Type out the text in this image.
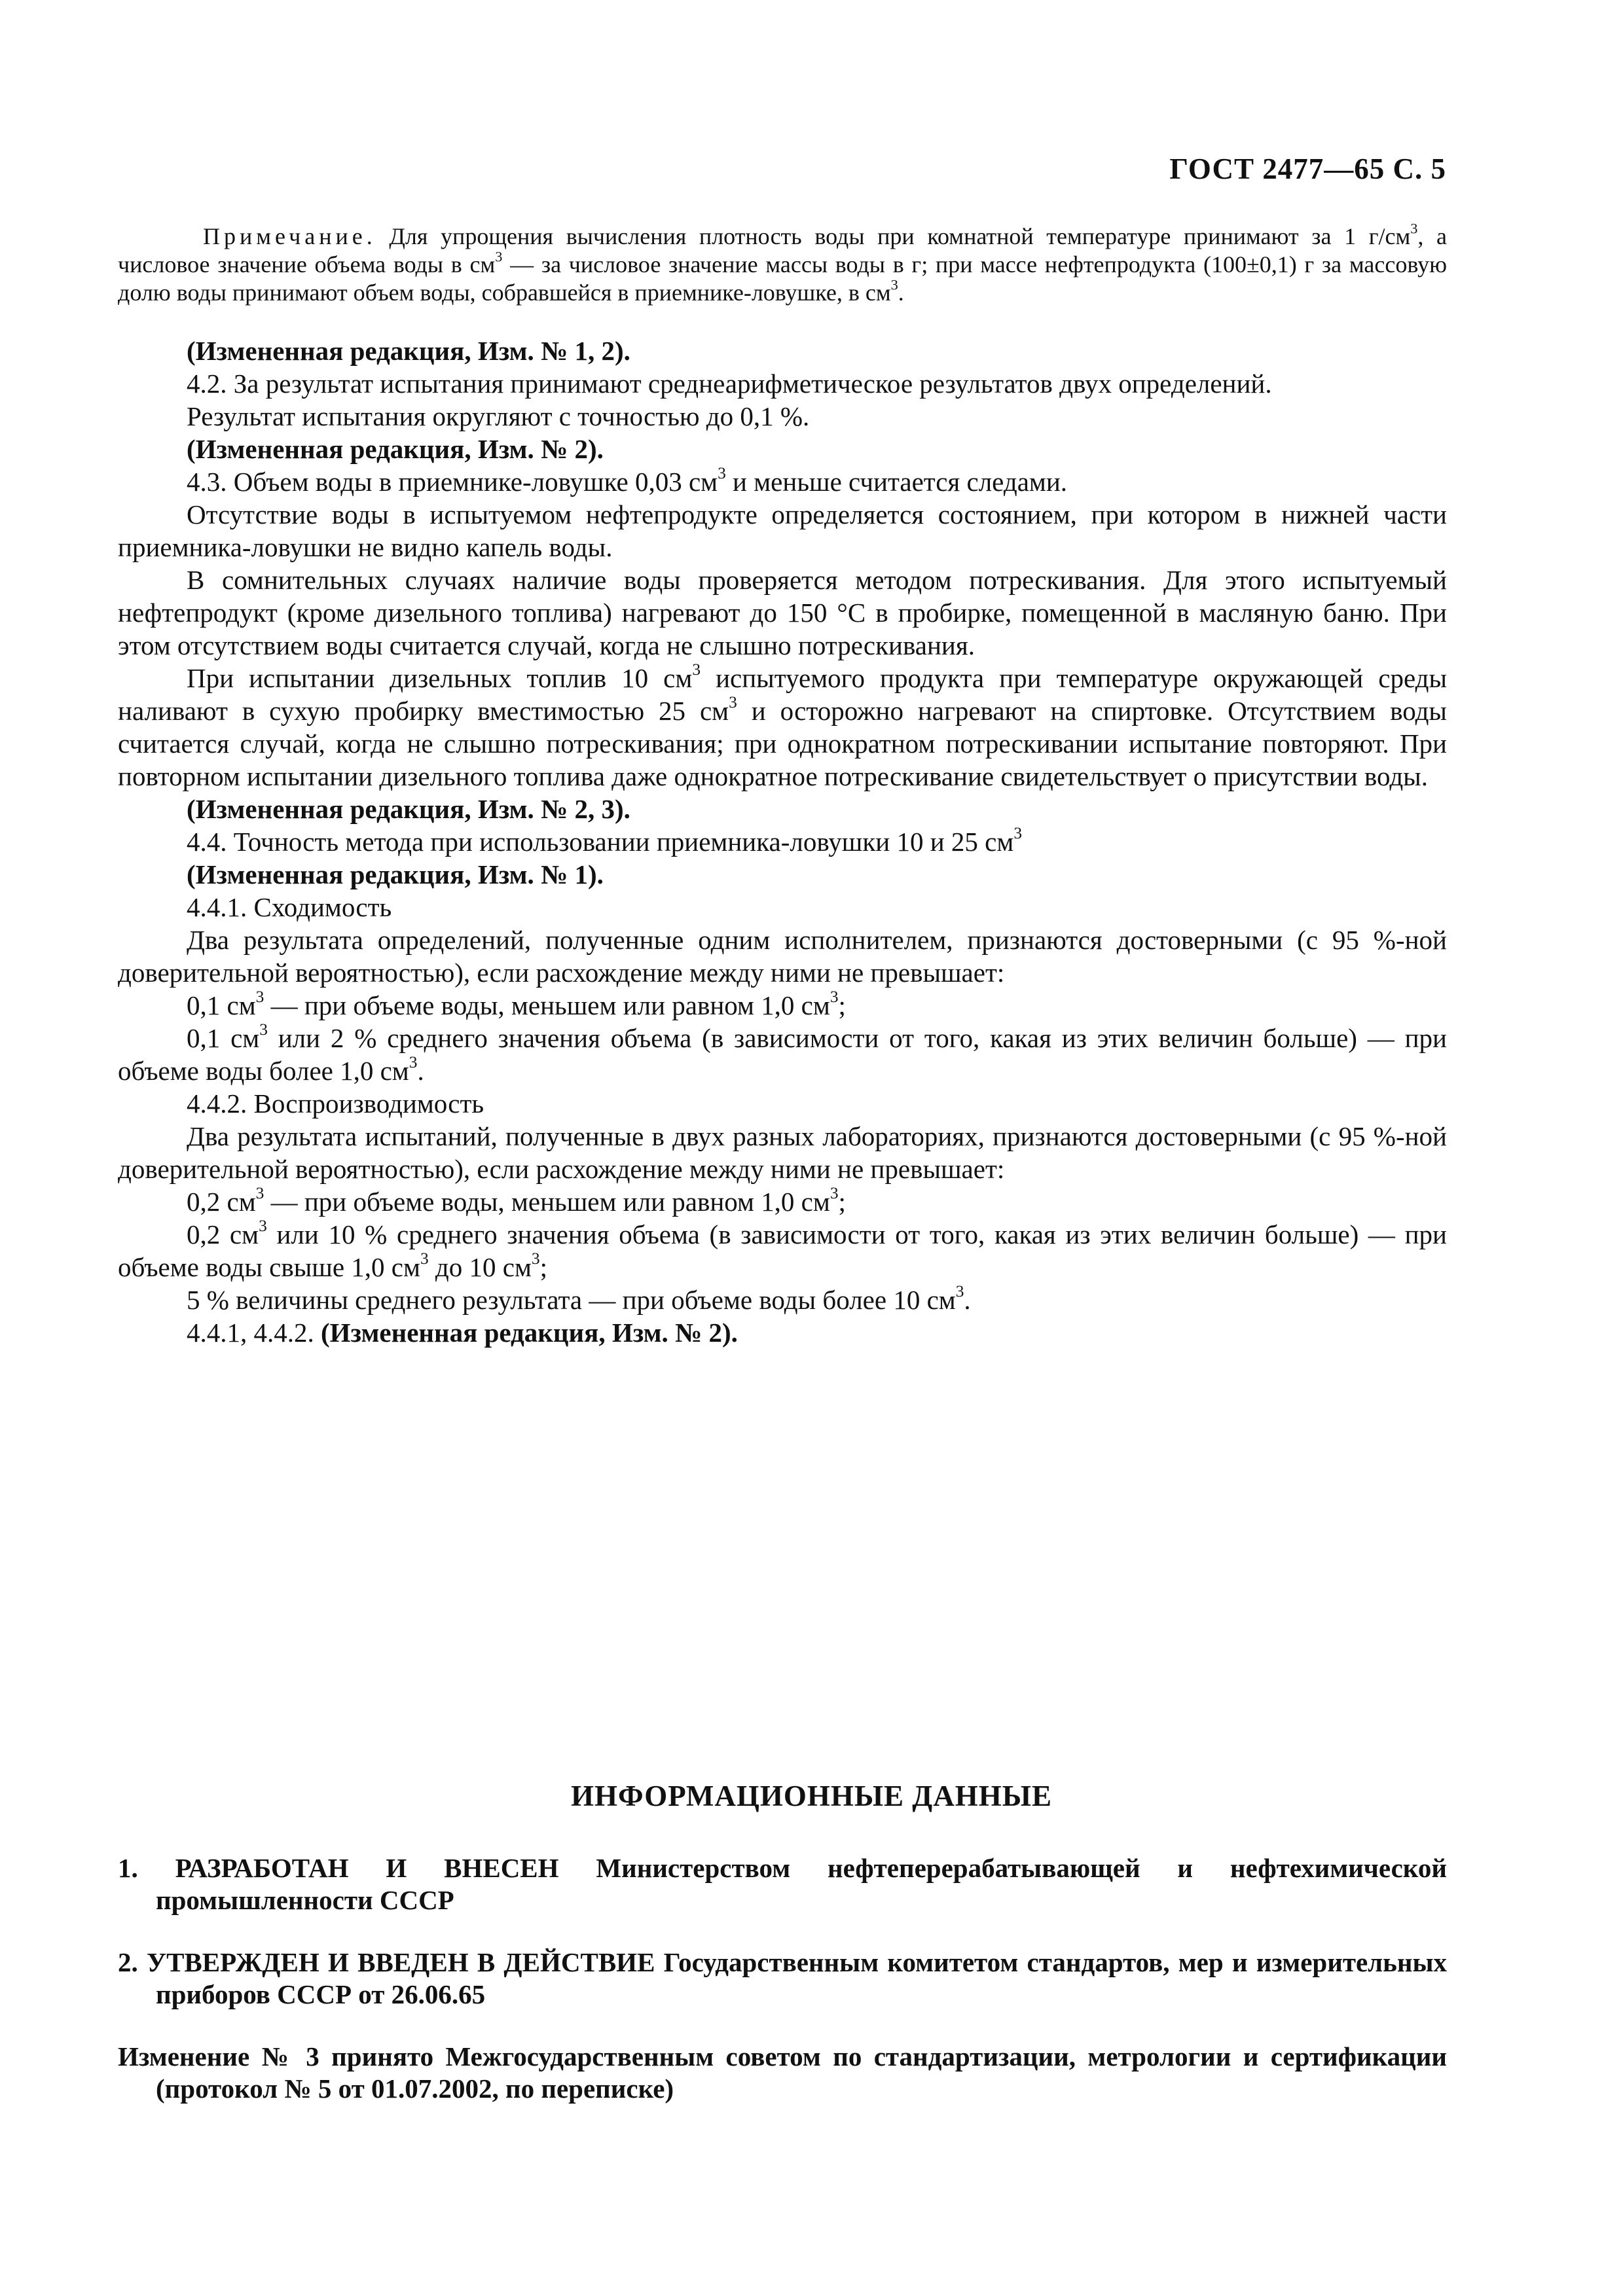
ГОСТ 2477—65 С. 5

Примечание. Для упрощения вычисления плотность воды при комнатной температуре принимают за 1 $г/см^3$, а числовое значение объема воды в $см^3$ — за числовое значение массы воды в г; при массе нефтепродукта (100±0,1) г за массовую долю воды принимают объем воды, собравшейся в приемнике-ловушке, в $см^3$.

(Измененная редакция, Изм. № 1, 2).

4.2. За результат испытания принимают среднеарифметическое результатов двух определений.

Результат испытания округляют с точностью до 0,1 %.

(Измененная редакция, Изм. № 2).

4.3. Объем воды в приемнике-ловушке 0,03 $см^3$ и меньше считается следами.

Отсутствие воды в испытуемом нефтепродукте определяется состоянием, при котором в нижней части приемника-ловушки не видно капель воды.

В сомнительных случаях наличие воды проверяется методом потрескивания. Для этого испытуемый нефтепродукт (кроме дизельного топлива) нагревают до 150 °С в пробирке, помещенной в масляную баню. При этом отсутствием воды считается случай, когда не слышно потрескивания.

При испытании дизельных топлив 10 $см^3$ испытуемого продукта при температуре окружающей среды наливают в сухую пробирку вместимостью 25 $см^3$ и осторожно нагревают на спиртовке. Отсутствием воды считается случай, когда не слышно потрескивания; при однократном потрескивании испытание повторяют. При повторном испытании дизельного топлива даже однократное потрескивание свидетельствует о присутствии воды.

(Измененная редакция, Изм. № 2, 3).

4.4. Точность метода при использовании приемника-ловушки 10 и 25 $см^3$

(Измененная редакция, Изм. № 1).

4.4.1. Сходимость

Два результата определений, полученные одним исполнителем, признаются достоверными (с 95 %-ной доверительной вероятностью), если расхождение между ними не превышает:

0,1 $см^3$ — при объеме воды, меньшем или равном 1,0 $см^3$;

0,1 $см^3$ или 2 % среднего значения объема (в зависимости от того, какая из этих величин больше) — при объеме воды более 1,0 $см^3$.

4.4.2. Воспроизводимость

Два результата испытаний, полученные в двух разных лабораториях, признаются достоверными (с 95 %-ной доверительной вероятностью), если расхождение между ними не превышает:

0,2 $см^3$ — при объеме воды, меньшем или равном 1,0 $см^3$;

0,2 $см^3$ или 10 % среднего значения объема (в зависимости от того, какая из этих величин больше) — при объеме воды свыше 1,0 $см^3$ до 10 $см^3$;

5 % величины среднего результата — при объеме воды более 10 $см^3$.

4.4.1, 4.4.2. (Измененная редакция, Изм. № 2).

ИНФОРМАЦИОННЫЕ ДАННЫЕ

1. РАЗРАБОТАН И ВНЕСЕН Министерством нефтеперерабатывающей и нефтехимической промышленности СССР

2. УТВЕРЖДЕН И ВВЕДЕН В ДЕЙСТВИЕ Государственным комитетом стандартов, мер и измерительных приборов СССР от 26.06.65

Изменение № 3 принято Межгосударственным советом по стандартизации, метрологии и сертификации (протокол № 5 от 01.07.2002, по переписке)
